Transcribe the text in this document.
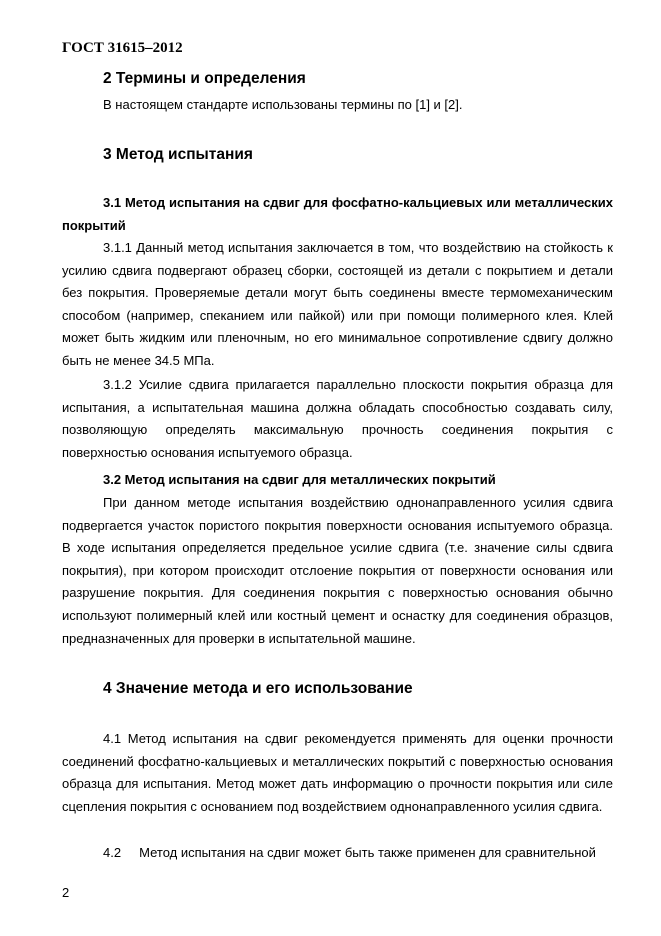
ГОСТ 31615–2012
2 Термины и определения
В настоящем стандарте использованы термины по [1] и [2].
3 Метод испытания
3.1 Метод испытания на сдвиг для фосфатно-кальциевых или металлических покрытий
3.1.1 Данный метод испытания заключается в том, что воздействию на стойкость к усилию сдвига подвергают образец сборки, состоящей из детали с покрытием и детали без покрытия. Проверяемые детали могут быть соединены вместе термомеханическим способом (например, спеканием или пайкой) или при помощи полимерного клея. Клей может быть жидким или пленочным, но его минимальное сопротивление сдвигу должно быть не менее 34.5 МПа.
3.1.2 Усилие сдвига прилагается параллельно плоскости покрытия образца для испытания, а испытательная машина должна обладать способностью создавать силу, позволяющую определять максимальную прочность соединения покрытия с поверхностью основания испытуемого образца.
3.2 Метод испытания на сдвиг для металлических покрытий
При данном методе испытания воздействию однонаправленного усилия сдвига подвергается участок пористого покрытия поверхности основания испытуемого образца. В ходе испытания определяется предельное усилие сдвига (т.е. значение силы сдвига покрытия), при котором происходит отслоение покрытия от поверхности основания или разрушение покрытия. Для соединения покрытия с поверхностью основания обычно используют полимерный клей или костный цемент и оснастку для соединения образцов, предназначенных для проверки в испытательной машине.
4 Значение метода и его использование
4.1 Метод испытания на сдвиг рекомендуется применять для оценки прочности соединений фосфатно-кальциевых и металлических покрытий с поверхностью основания образца для испытания. Метод может дать информацию о прочности покрытия или силе сцепления покрытия с основанием под воздействием однонаправленного усилия сдвига.
4.2     Метод испытания на сдвиг может быть также применен для сравнительной
2
